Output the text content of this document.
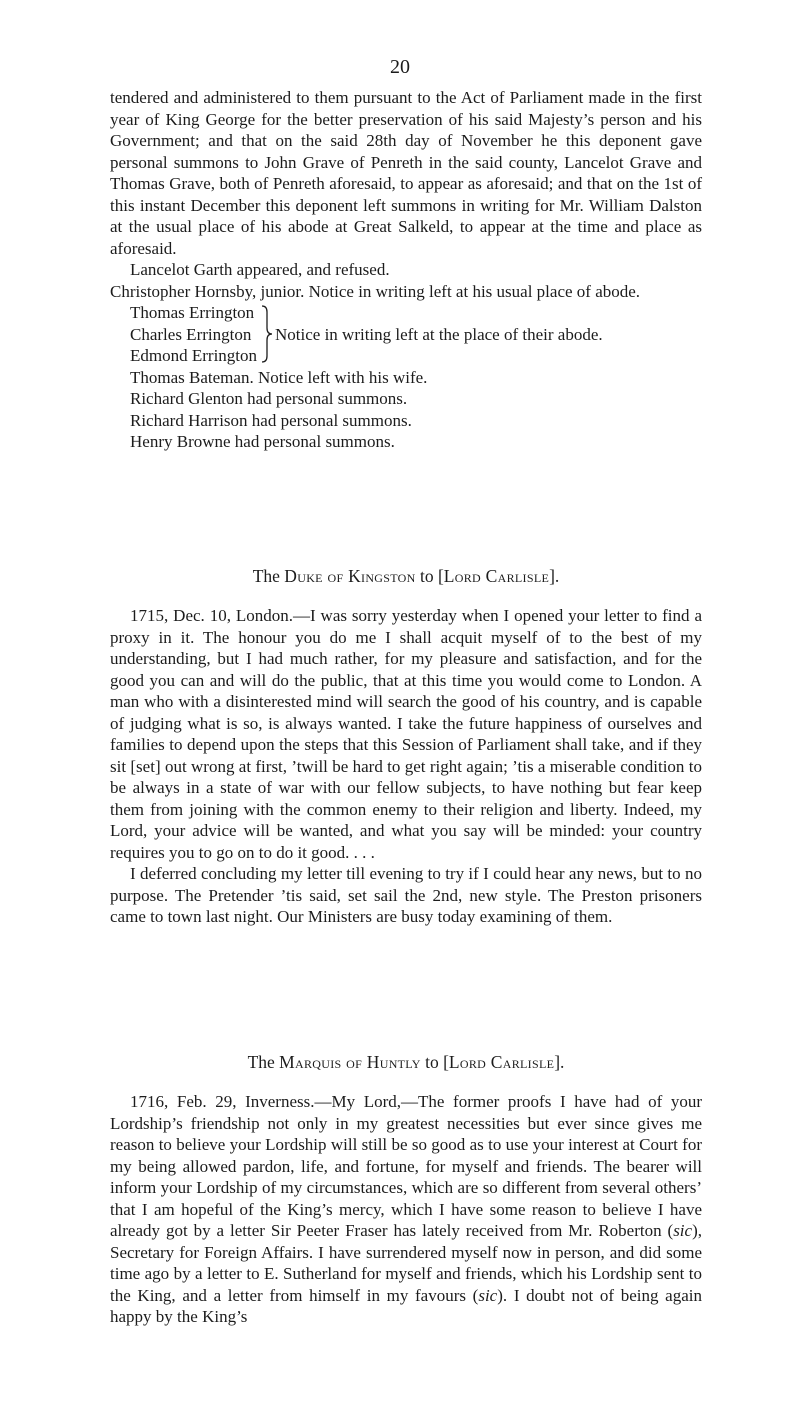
20

tendered and administered to them pursuant to the Act of Parliament made in the first year of King George for the better preservation of his said Majesty’s person and his Government; and that on the said 28th day of November he this deponent gave personal summons to John Grave of Penreth in the said county, Lancelot Grave and Thomas Grave, both of Penreth aforesaid, to appear as aforesaid; and that on the 1st of this instant December this deponent left summons in writing for Mr. William Dalston at the usual place of his abode at Great Salkeld, to appear at the time and place as aforesaid.

Lancelot Garth appeared, and refused.

Christopher Hornsby, junior. Notice in writing left at his usual place of abode.

Thomas Errington
Charles Errington
Edmond Errington
Notice in writing left at the place of their abode.

Thomas Bateman. Notice left with his wife.

Richard Glenton had personal summons.

Richard Harrison had personal summons.

Henry Browne had personal summons.

The Duke of Kingston to [Lord Carlisle].

1715, Dec. 10, London.—I was sorry yesterday when I opened your letter to find a proxy in it. The honour you do me I shall acquit myself of to the best of my understanding, but I had much rather, for my pleasure and satisfaction, and for the good you can and will do the public, that at this time you would come to London. A man who with a disinterested mind will search the good of his country, and is capable of judging what is so, is always wanted. I take the future happiness of ourselves and families to depend upon the steps that this Session of Parliament shall take, and if they sit [set] out wrong at first, ’twill be hard to get right again; ’tis a miserable condition to be always in a state of war with our fellow subjects, to have nothing but fear keep them from joining with the common enemy to their religion and liberty. Indeed, my Lord, your advice will be wanted, and what you say will be minded: your country requires you to go on to do it good. . . .

I deferred concluding my letter till evening to try if I could hear any news, but to no purpose. The Pretender ’tis said, set sail the 2nd, new style. The Preston prisoners came to town last night. Our Ministers are busy today examining of them.

The Marquis of Huntly to [Lord Carlisle].

1716, Feb. 29, Inverness.—My Lord,—The former proofs I have had of your Lordship’s friendship not only in my greatest necessities but ever since gives me reason to believe your Lordship will still be so good as to use your interest at Court for my being allowed pardon, life, and fortune, for myself and friends. The bearer will inform your Lordship of my circumstances, which are so different from several others’ that I am hopeful of the King’s mercy, which I have some reason to believe I have already got by a letter Sir Peeter Fraser has lately received from Mr. Roberton (sic), Secretary for Foreign Affairs. I have surrendered myself now in person, and did some time ago by a letter to E. Sutherland for myself and friends, which his Lordship sent to the King, and a letter from himself in my favours (sic). I doubt not of being again happy by the King’s
